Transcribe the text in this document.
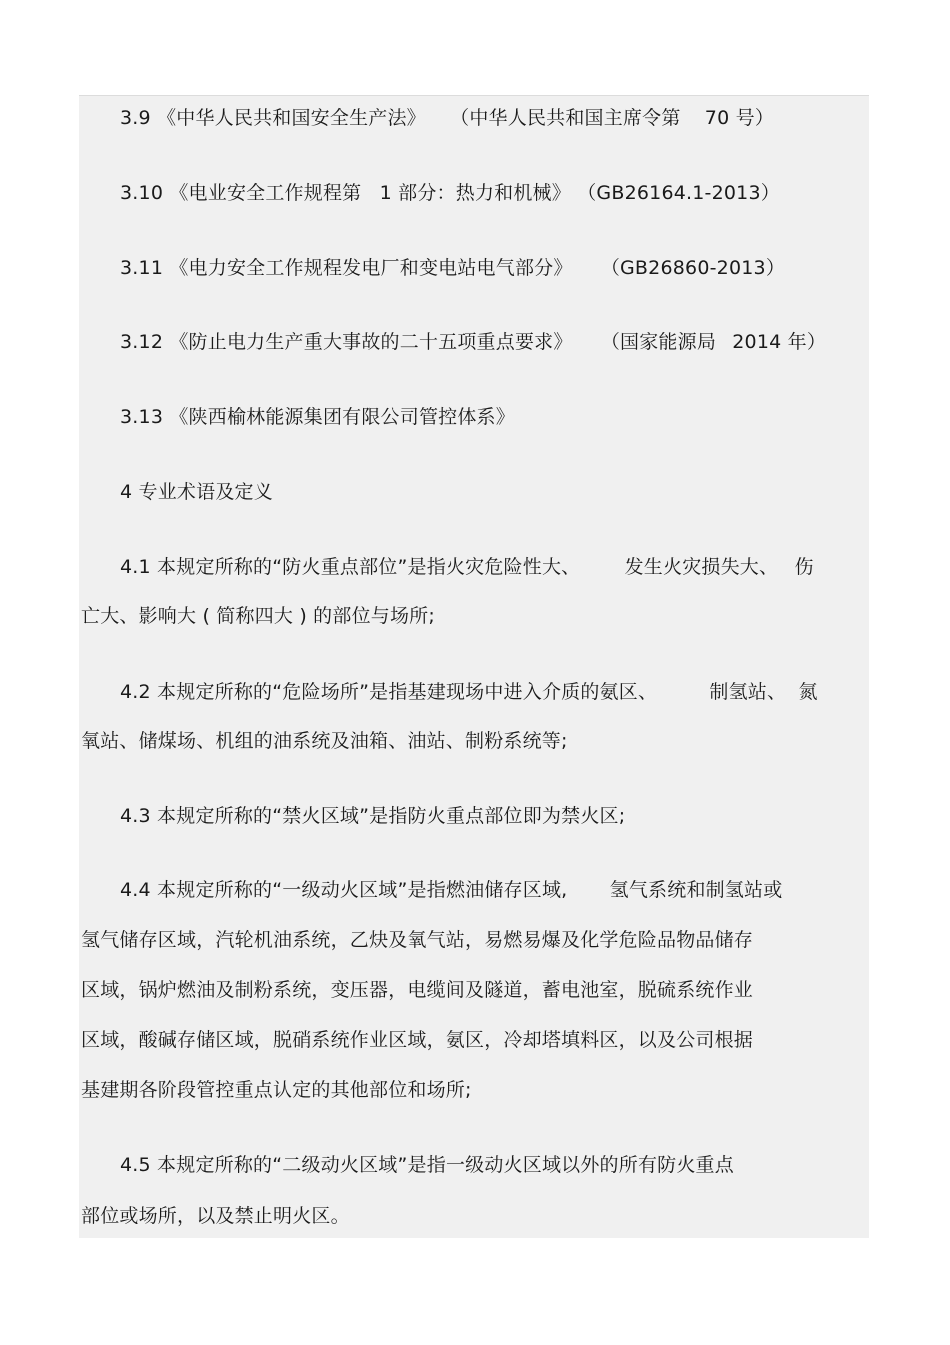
3.9 《中华人民共和国安全生产法》 （中华人民共和国主席令第 70 号）
3.10 《电业安全工作规程第 1 部分：热力和机械》 （GB26164.1-2013）
3.11 《电力安全工作规程发电厂和变电站电气部分》 （GB26860-2013）
3.12 《防止电力生产重大事故的二十五项重点要求》 （国家能源局 2014 年）
3.13 《陕西榆林能源集团有限公司管控体系》
4 专业术语及定义
4.1 本规定所称的“防火重点部位”是指火灾危险性大、 发生火灾损失大、 伤
亡大、影响大 ( 简称四大 ) 的部位与场所;
4.2 本规定所称的“危险场所”是指基建现场中进入介质的氨区、	制氢站、 氮
氧站、储煤场、机组的油系统及油箱、油站、制粉系统等;
4.3 本规定所称的“禁火区域”是指防火重点部位即为禁火区;
4.4 本规定所称的“一级动火区域”是指燃油储存区域, 氢气系统和制氢站或
氢气储存区域，汽轮机油系统，乙炔及氧气站，易燃易爆及化学危险品物品储存
区域，锅炉燃油及制粉系统，变压器，电缆间及隧道，蓄电池室，脱硫系统作业
区域，酸碱存储区域，脱硝系统作业区域，氨区，冷却塔填料区，以及公司根据
基建期各阶段管控重点认定的其他部位和场所;
4.5 本规定所称的“二级动火区域”是指一级动火区域以外的所有防火重点
部位或场所，以及禁止明火区。
